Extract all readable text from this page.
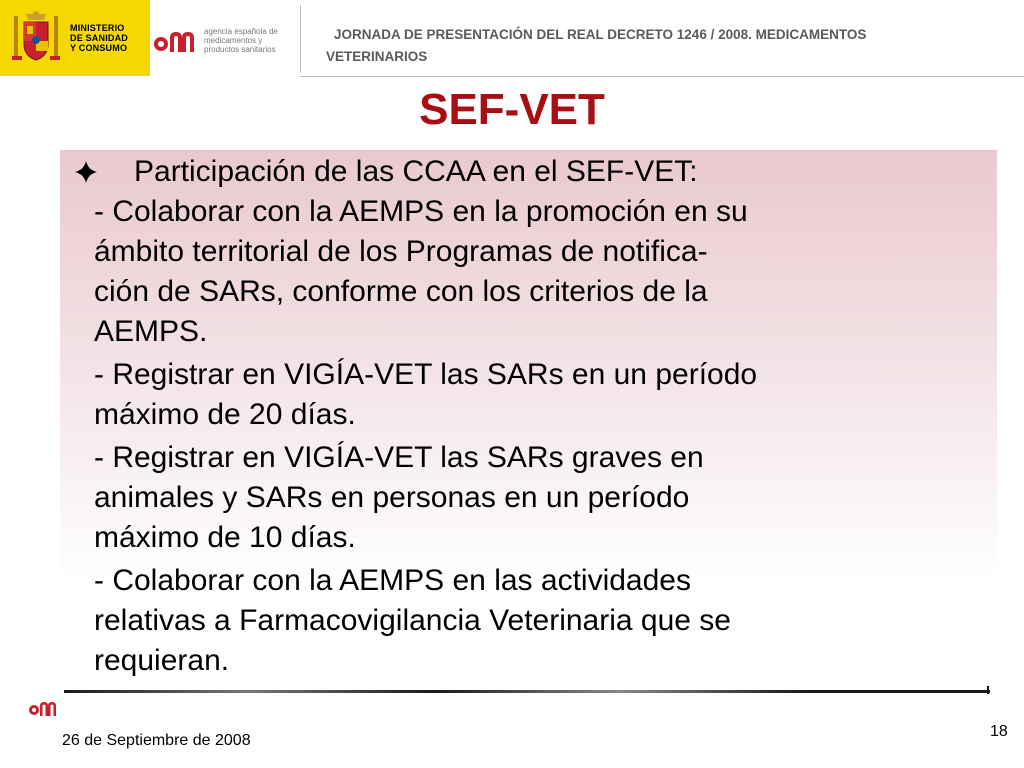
MINISTERIO
DE SANIDAD
Y CONSUMO
agencia española de
medicamentos y
productos sanitarios
JORNADA DE PRESENTACIÓN DEL REAL DECRETO 1246 / 2008. MEDICAMENTOS
VETERINARIOS
SEF-VET
Participación de las CCAA en el SEF-VET:
- Colaborar con la AEMPS en la promoción en su
ámbito territorial de los Programas de notifica-
ción de SARs, conforme con los criterios de la
AEMPS.
- Registrar en VIGÍA-VET las SARs en un período
máximo de 20 días.
- Registrar en VIGÍA-VET las SARs graves en
animales y SARs en personas en un período
máximo de 10 días.
- Colaborar con la AEMPS en las actividades
relativas a Farmacovigilancia Veterinaria que se
requieran.
26 de Septiembre de 2008
18
